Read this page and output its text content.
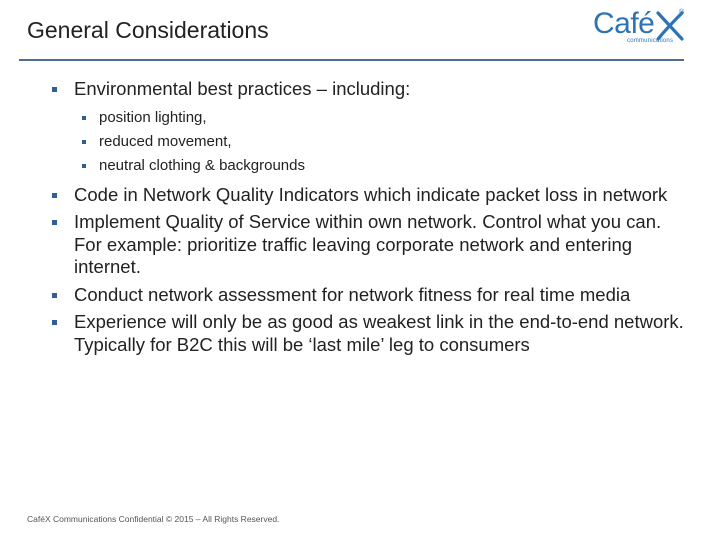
General Considerations	Café	®
communications
Environmental best practices – including:
position lighting,
reduced movement,
neutral clothing & backgrounds
Code in Network Quality Indicators which indicate packet loss in network
Implement Quality of Service within own network. Control what you can. For example: prioritize traffic leaving corporate network and entering internet.
Conduct network assessment for network fitness for real time media
Experience will only be as good as weakest link in the end-to-end network. Typically for B2C this will be ‘last mile’ leg to consumers
CaféX Communications Confidential © 2015 – All Rights Reserved.
